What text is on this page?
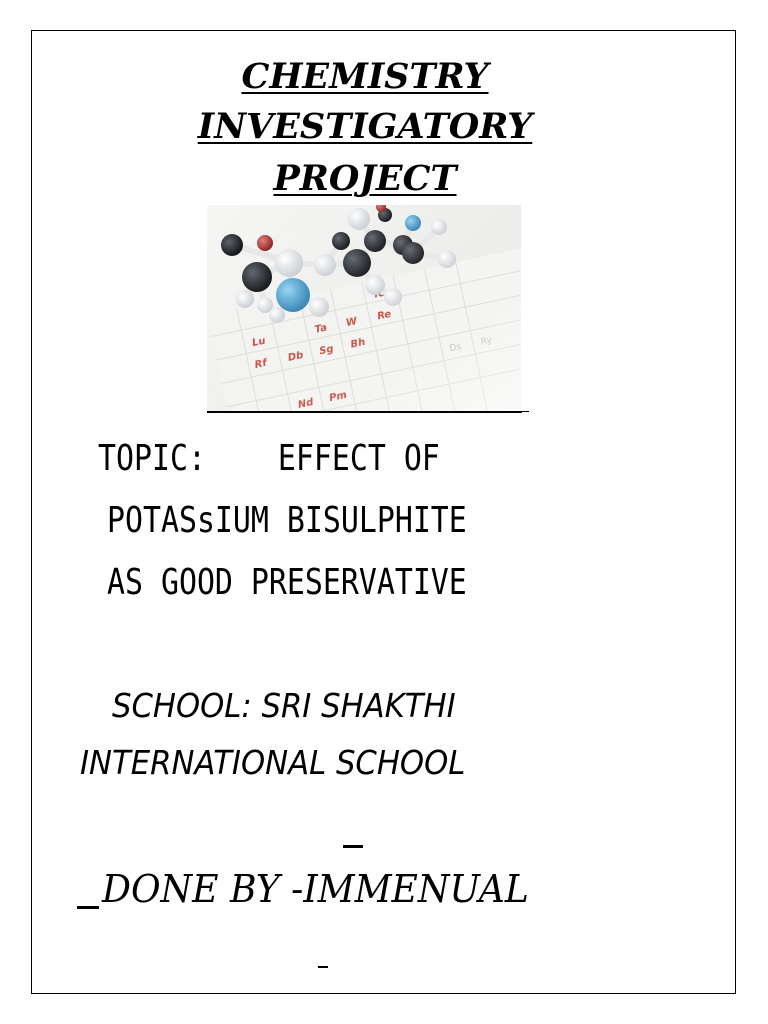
CHEMISTRY
INVESTIGATORY
PROJECT
TOPIC:    EFFECT OF
POTASsIUM BISULPHITE
AS GOOD PRESERVATIVE
SCHOOL: SRI SHAKTHI
INTERNATIONAL SCHOOL
DONE BY -IMMENUAL
